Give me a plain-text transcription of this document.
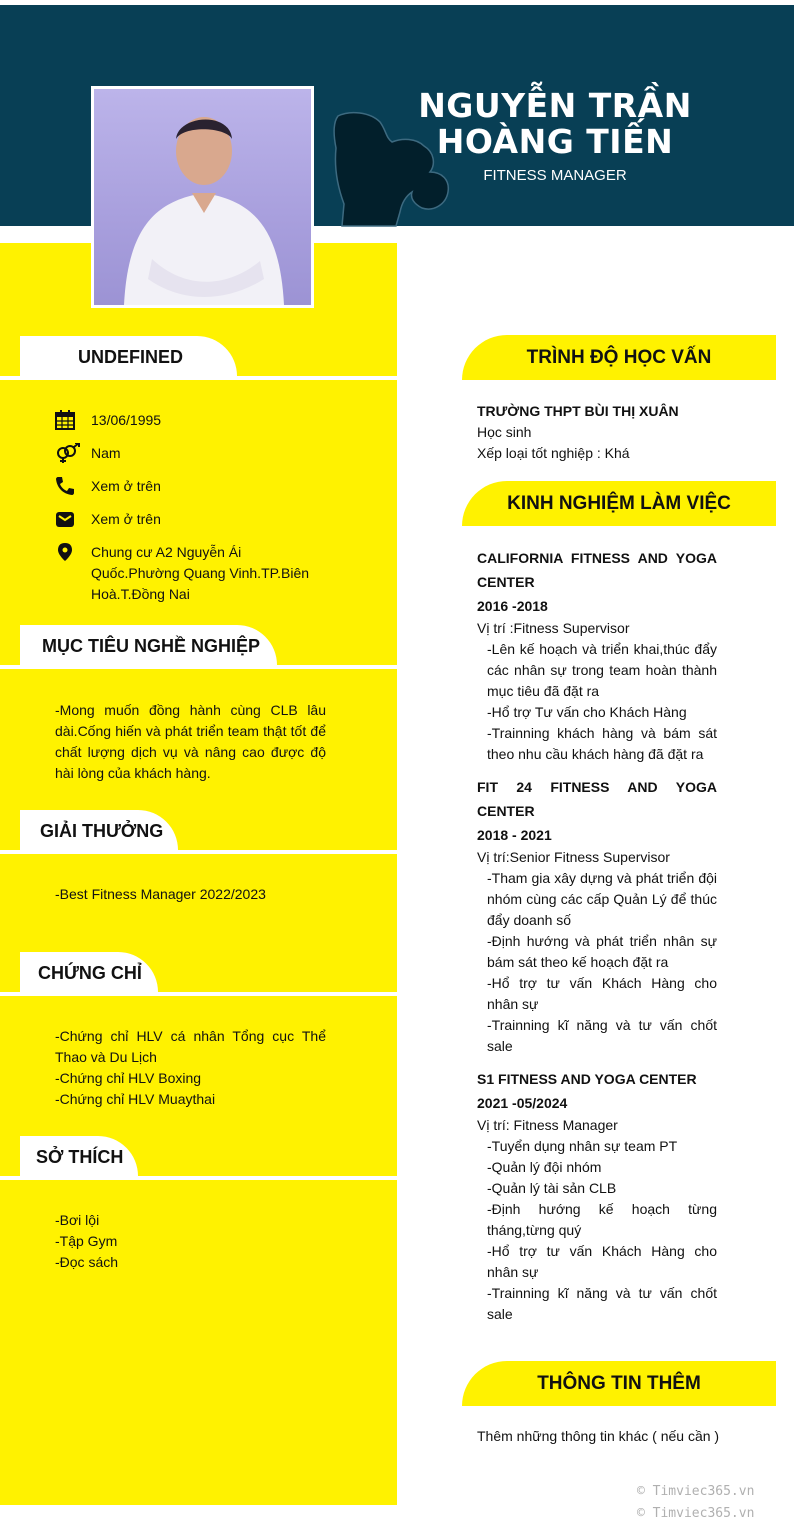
NGUYỄN TRẦN HOÀNG TIẾN
FITNESS MANAGER
UNDEFINED
13/06/1995
Nam
Xem ở trên
Xem ở trên
Chung cư A2 Nguyễn Ái Quốc.Phường Quang Vinh.TP.Biên Hoà.T.Đồng Nai
MỤC TIÊU NGHỀ NGHIỆP
-Mong muốn đồng hành cùng CLB lâu dài.Cống hiến và phát triển team thật tốt để chất lượng dịch vụ và nâng cao được độ hài lòng của khách hàng.
GIẢI THƯỞNG
-Best Fitness Manager 2022/2023
CHỨNG CHỈ
-Chứng chỉ HLV cá nhân Tổng cục Thể Thao và Du Lịch
-Chứng chỉ HLV Boxing
-Chứng chỉ HLV Muaythai
SỞ THÍCH
-Bơi lội
-Tập Gym
-Đọc sách
TRÌNH ĐỘ HỌC VẤN
TRƯỜNG THPT BÙI THỊ XUÂN
Học sinh
Xếp loại tốt nghiệp : Khá
KINH NGHIỆM LÀM VIỆC
CALIFORNIA FITNESS AND YOGA CENTER
2016 -2018
Vị trí :Fitness Supervisor
-Lên kế hoạch và triển khai,thúc đẩy các nhân sự trong team hoàn thành mục tiêu đã đặt ra
-Hổ trợ Tư vấn cho Khách Hàng
-Trainning khách hàng và bám sát theo nhu cầu khách hàng đã đặt ra
FIT 24 FITNESS AND YOGA CENTER
2018 - 2021
Vị trí:Senior Fitness Supervisor
-Tham gia xây dựng và phát triển đội nhóm cùng các cấp Quản Lý để thúc đẩy doanh số
-Định hướng và phát triển nhân sự bám sát theo kế hoạch đặt ra
-Hổ trợ tư vấn Khách Hàng cho nhân sự
-Trainning kĩ năng và tư vấn chốt sale
S1 FITNESS AND YOGA CENTER
2021 -05/2024
Vị trí: Fitness Manager
-Tuyển dụng nhân sự team PT
-Quản lý đội nhóm
-Quản lý tài sản CLB
-Định hướng kế hoạch từng tháng,từng quý
-Hổ trợ tư vấn Khách Hàng cho nhân sự
-Trainning kĩ năng và tư vấn chốt sale
THÔNG TIN THÊM
Thêm những thông tin khác ( nếu cần )
© Timviec365.vn
© Timviec365.vn
